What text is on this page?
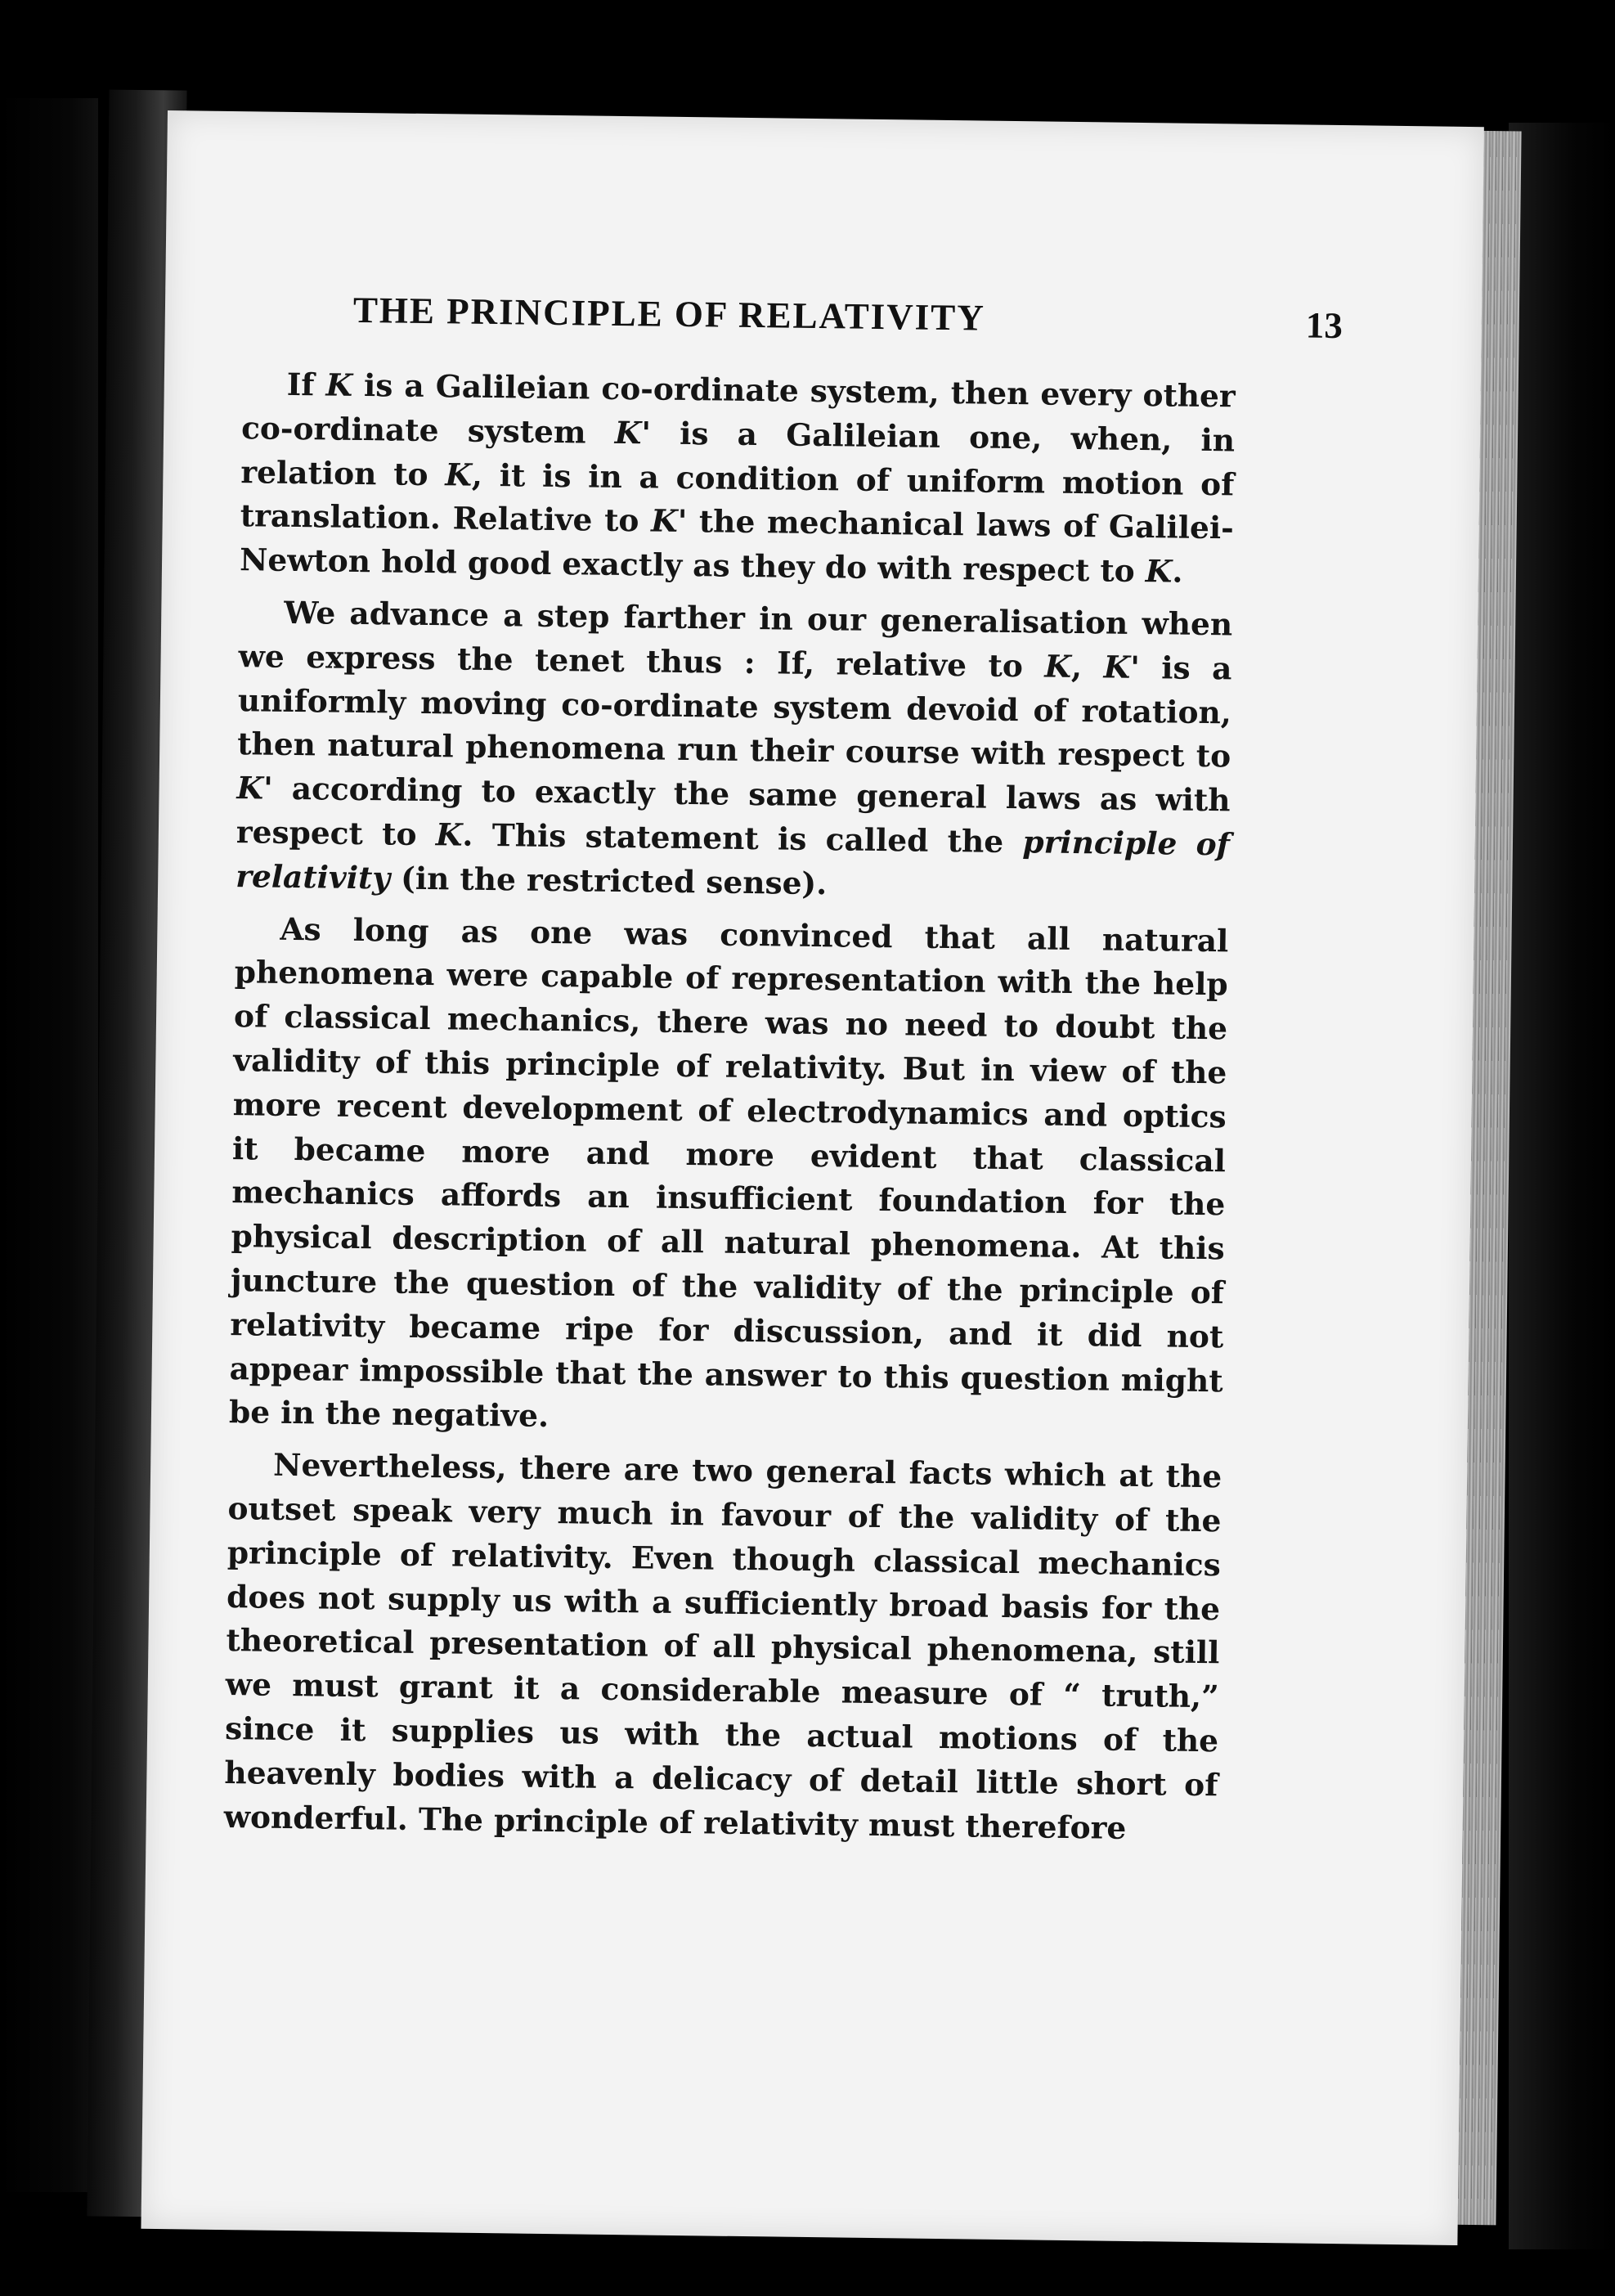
THE PRINCIPLE OF RELATIVITY	13

If K is a Galileian co-ordinate system, then every other co-ordinate system K' is a Galileian one, when, in relation to K, it is in a condition of uniform motion of translation. Relative to K' the mechanical laws of Galilei-Newton hold good exactly as they do with respect to K.

We advance a step farther in our generalisation when we express the tenet thus : If, relative to K, K' is a uniformly moving co-ordinate system devoid of rotation, then natural phenomena run their course with respect to K' according to exactly the same general laws as with respect to K. This statement is called the principle of relativity (in the restricted sense).

As long as one was convinced that all natural phenomena were capable of representation with the help of classical mechanics, there was no need to doubt the validity of this principle of relativity. But in view of the more recent development of electrodynamics and optics it became more and more evident that classical mechanics affords an insufficient foundation for the physical description of all natural phenomena. At this juncture the question of the validity of the principle of relativity became ripe for discussion, and it did not appear impossible that the answer to this question might be in the negative.

Nevertheless, there are two general facts which at the outset speak very much in favour of the validity of the principle of relativity. Even though classical mechanics does not supply us with a sufficiently broad basis for the theoretical presentation of all physical phenomena, still we must grant it a considerable measure of “ truth,” since it supplies us with the actual motions of the heavenly bodies with a delicacy of detail little short of wonderful. The principle of relativity must therefore
